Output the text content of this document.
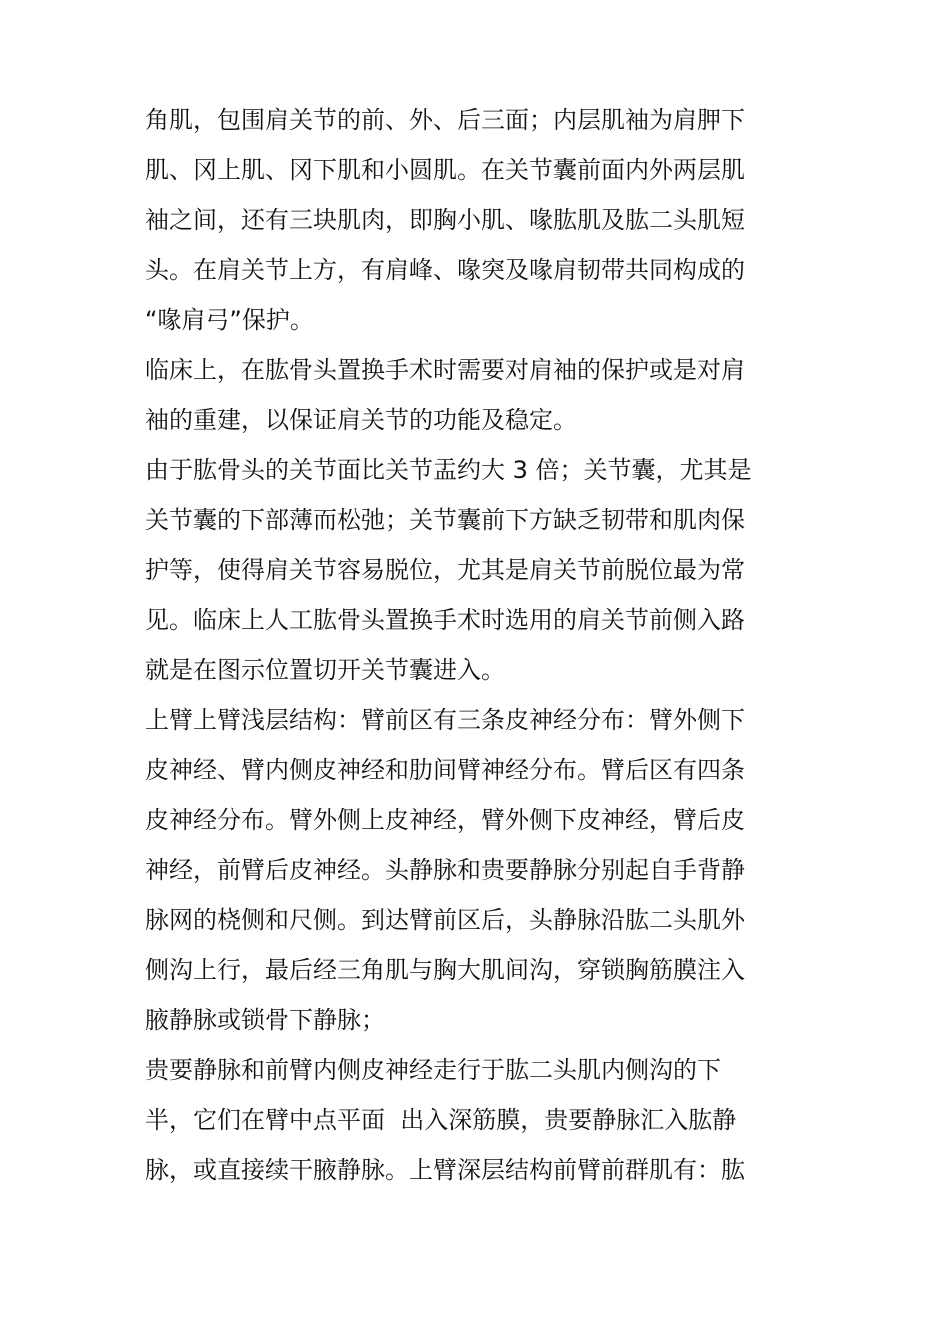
角肌，包围肩关节的前、外、后三面；内层肌袖为肩胛下
肌、冈上肌、冈下肌和小圆肌。在关节囊前面内外两层肌
袖之间，还有三块肌肉，即胸小肌、喙肱肌及肱二头肌短
头。在肩关节上方，有肩峰、喙突及喙肩韧带共同构成的
“喙肩弓”保护。
临床上，在肱骨头置换手术时需要对肩袖的保护或是对肩
袖的重建，以保证肩关节的功能及稳定。
由于肱骨头的关节面比关节盂约大 3 倍；关节囊，尤其是
关节囊的下部薄而松弛；关节囊前下方缺乏韧带和肌肉保
护等，使得肩关节容易脱位，尤其是肩关节前脱位最为常
见。临床上人工肱骨头置换手术时选用的肩关节前侧入路
就是在图示位置切开关节囊进入。
上臂上臂浅层结构：臂前区有三条皮神经分布：臂外侧下
皮神经、臂内侧皮神经和肋间臂神经分布。臂后区有四条
皮神经分布。臂外侧上皮神经，臂外侧下皮神经，臂后皮
神经，前臂后皮神经。头静脉和贵要静脉分别起自手背静
脉网的桡侧和尺侧。到达臂前区后，头静脉沿肱二头肌外
侧沟上行，最后经三角肌与胸大肌间沟，穿锁胸筋膜注入
腋静脉或锁骨下静脉；
贵要静脉和前臂内侧皮神经走行于肱二头肌内侧沟的下
半，它们在臂中点平面  出入深筋膜，贵要静脉汇入肱静
脉，或直接续干腋静脉。上臂深层结构前臂前群肌有：肱
